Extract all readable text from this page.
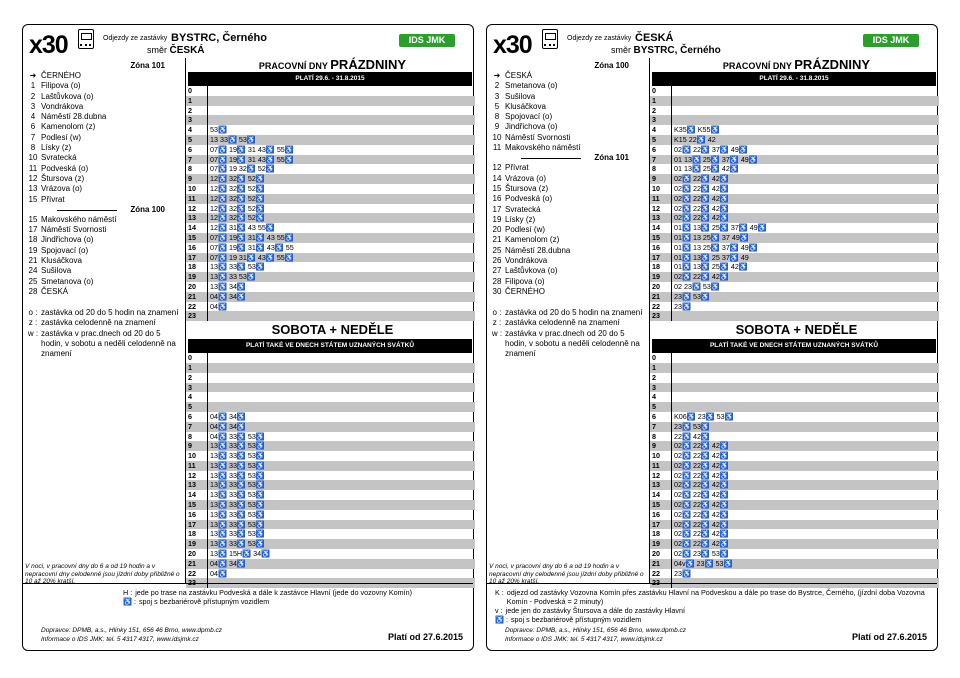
x30	Odjezdy ze zastávky BYSTRC, Černého
směr ČESKÁ
IDS JMK
Zóna 101
➜ ČERNÉHO
1 Filipova (o)
2 Laštůvkova (o)
3 Vondrákova
4 Náměstí 28.dubna
6 Kamenolom (z)
7 Podlesí (w)
8 Lísky (z)
10 Svratecká
11 Podveská (o)
12 Štursova (z)
13 Vrázova (o)
15 Přívrat
Zóna 100
15 Makovského náměstí
17 Náměstí Svornosti
18 Jindřichova (o)
19 Spojovací (o)
21 Klusáčkova
24 Sušilova
25 Smetanova (o)
28 ČESKÁ
o : zastávka od 20 do 5 hodin na znamení
z : zastávka celodenně na znamení
w : zastávka v prac.dnech od 20 do 5 hodin, v sobotu a neděli celodenně na znamení
V noci, v pracovní dny do 6 a od 19 hodin a v nepracovní dny celodenně jsou jízdní doby přibližně o 10 až 20% kratší.
PRACOVNÍ DNY PRÁZDNINY
PLATÍ 29.6. - 31.8.2015
0
1
2
3
4	53♿
5	13 33♿ 53♿
6	07♿ 19♿ 31 43♿ 55♿
7	07♿ 19♿ 31 43♿ 55♿
8	07♿ 19 32♿ 52♿
9	12♿ 32♿ 52♿
10	12♿ 32♿ 52♿
11	12♿ 32♿ 52♿
12	12♿ 32♿ 52♿
13	12♿ 32♿ 52♿
14	12♿ 31♿ 43 55♿
15	07♿ 19♿ 31♿ 43 55♿
16	07♿ 19♿ 31♿ 43♿ 55
17	07♿ 19 31♿ 43♿ 55♿
18	13♿ 33♿ 53♿
19	13♿ 33 53♿
20	13♿ 34♿
21	04♿ 34♿
22	04♿
23
SOBOTA + NEDĚLE
PLATÍ TAKÉ VE DNECH STÁTEM UZNANÝCH SVÁTKŮ
0
1
2
3
4
5
6	04♿ 34♿
7	04♿ 34♿
8	04♿ 33♿ 53♿
9	13♿ 33♿ 53♿
10	13♿ 33♿ 53♿
11	13♿ 33♿ 53♿
12	13♿ 33♿ 53♿
13	13♿ 33♿ 53♿
14	13♿ 33♿ 53♿
15	13♿ 33♿ 53♿
16	13♿ 33♿ 53♿
17	13♿ 33♿ 53♿
18	13♿ 33♿ 53♿
19	13♿ 33♿ 53♿
20	13♿ 15H♿ 34♿
21	04♿ 34♿
22	04♿
23
H : jede po trase na zastávku Podveská a dále k zastávce Hlavní (jede do vozovny Komín)
♿ : spoj s bezbariérově přístupným vozidlem
Dopravce: DPMB, a.s., Hlinky 151, 656 46 Brno, www.dpmb.cz
Informace o IDS JMK: tel. 5 4317 4317, www.idsjmk.cz	Platí od 27.6.2015
x30	Odjezdy ze zastávky ČESKÁ
směr BYSTRC, Černého
IDS JMK
Zóna 100
➜ ČESKÁ
2 Smetanova (o)
3 Sušilova
5 Klusáčkova
8 Spojovací (o)
9 Jindřichova (o)
10 Náměstí Svornosti
11 Makovského náměstí
Zóna 101
12 Přívrat
14 Vrázova (o)
15 Štursova (z)
16 Podveská (o)
17 Svratecká
19 Lísky (z)
20 Podlesí (w)
21 Kamenolom (z)
25 Náměstí 28.dubna
26 Vondrákova
27 Laštůvkova (o)
28 Filipova (o)
30 ČERNÉHO
o : zastávka od 20 do 5 hodin na znamení
z : zastávka celodenně na znamení
w : zastávka v prac.dnech od 20 do 5 hodin, v sobotu a neděli celodenně na znamení
V noci, v pracovní dny do 6 a od 19 hodin a v nepracovní dny celodenně jsou jízdní doby přibližně o 10 až 20% kratší.
PRACOVNÍ DNY PRÁZDNINY
PLATÍ 29.6. - 31.8.2015
0
1
2
3
4	K35♿ K55♿
5	K15 22♿ 42
6	02♿ 22♿ 37♿ 49♿
7	01 13♿ 25♿ 37♿ 49♿
8	01 13♿ 25♿ 42♿
9	02♿ 22♿ 42♿
10	02♿ 22♿ 42♿
11	02♿ 22♿ 42♿
12	02♿ 22♿ 42♿
13	02♿ 22♿ 42♿
14	01♿ 13♿ 25♿ 37♿ 49♿
15	01♿ 13 25♿ 37 49♿
16	01♿ 13 25♿ 37♿ 49♿
17	01♿ 13♿ 25 37♿ 49
18	01♿ 13♿ 25♿ 42♿
19	02♿ 22♿ 42♿
20	02 23♿ 53♿
21	23♿ 53♿
22	23♿
23
SOBOTA + NEDĚLE
PLATÍ TAKÉ VE DNECH STÁTEM UZNANÝCH SVÁTKŮ
0
1
2
3
4
5
6	K06♿ 23♿ 53♿
7	23♿ 53♿
8	22♿ 42♿
9	02♿ 22♿ 42♿
10	02♿ 22♿ 42♿
11	02♿ 22♿ 42♿
12	02♿ 22♿ 42♿
13	02♿ 22♿ 42♿
14	02♿ 22♿ 42♿
15	02♿ 22♿ 42♿
16	02♿ 22♿ 42♿
17	02♿ 22♿ 42♿
18	02♿ 22♿ 42♿
19	02♿ 22♿ 42♿
20	02♿ 23♿ 53♿
21	04v♿ 23♿ 53♿
22	23♿
23
K : odjezd od zastávky Vozovna Komín přes zastávku Hlavní na Podveskou a dále po trase do Bystrce, Černého, (jízdní doba Vozovna Komín - Podveská = 2 minuty)
v : jede jen do zastávky Štursova a dále do zastávky Hlavní
♿ : spoj s bezbariérově přístupným vozidlem
Dopravce: DPMB, a.s., Hlinky 151, 656 46 Brno, www.dpmb.cz
Informace o IDS JMK: tel. 5 4317 4317, www.idsjmk.cz	Platí od 27.6.2015
